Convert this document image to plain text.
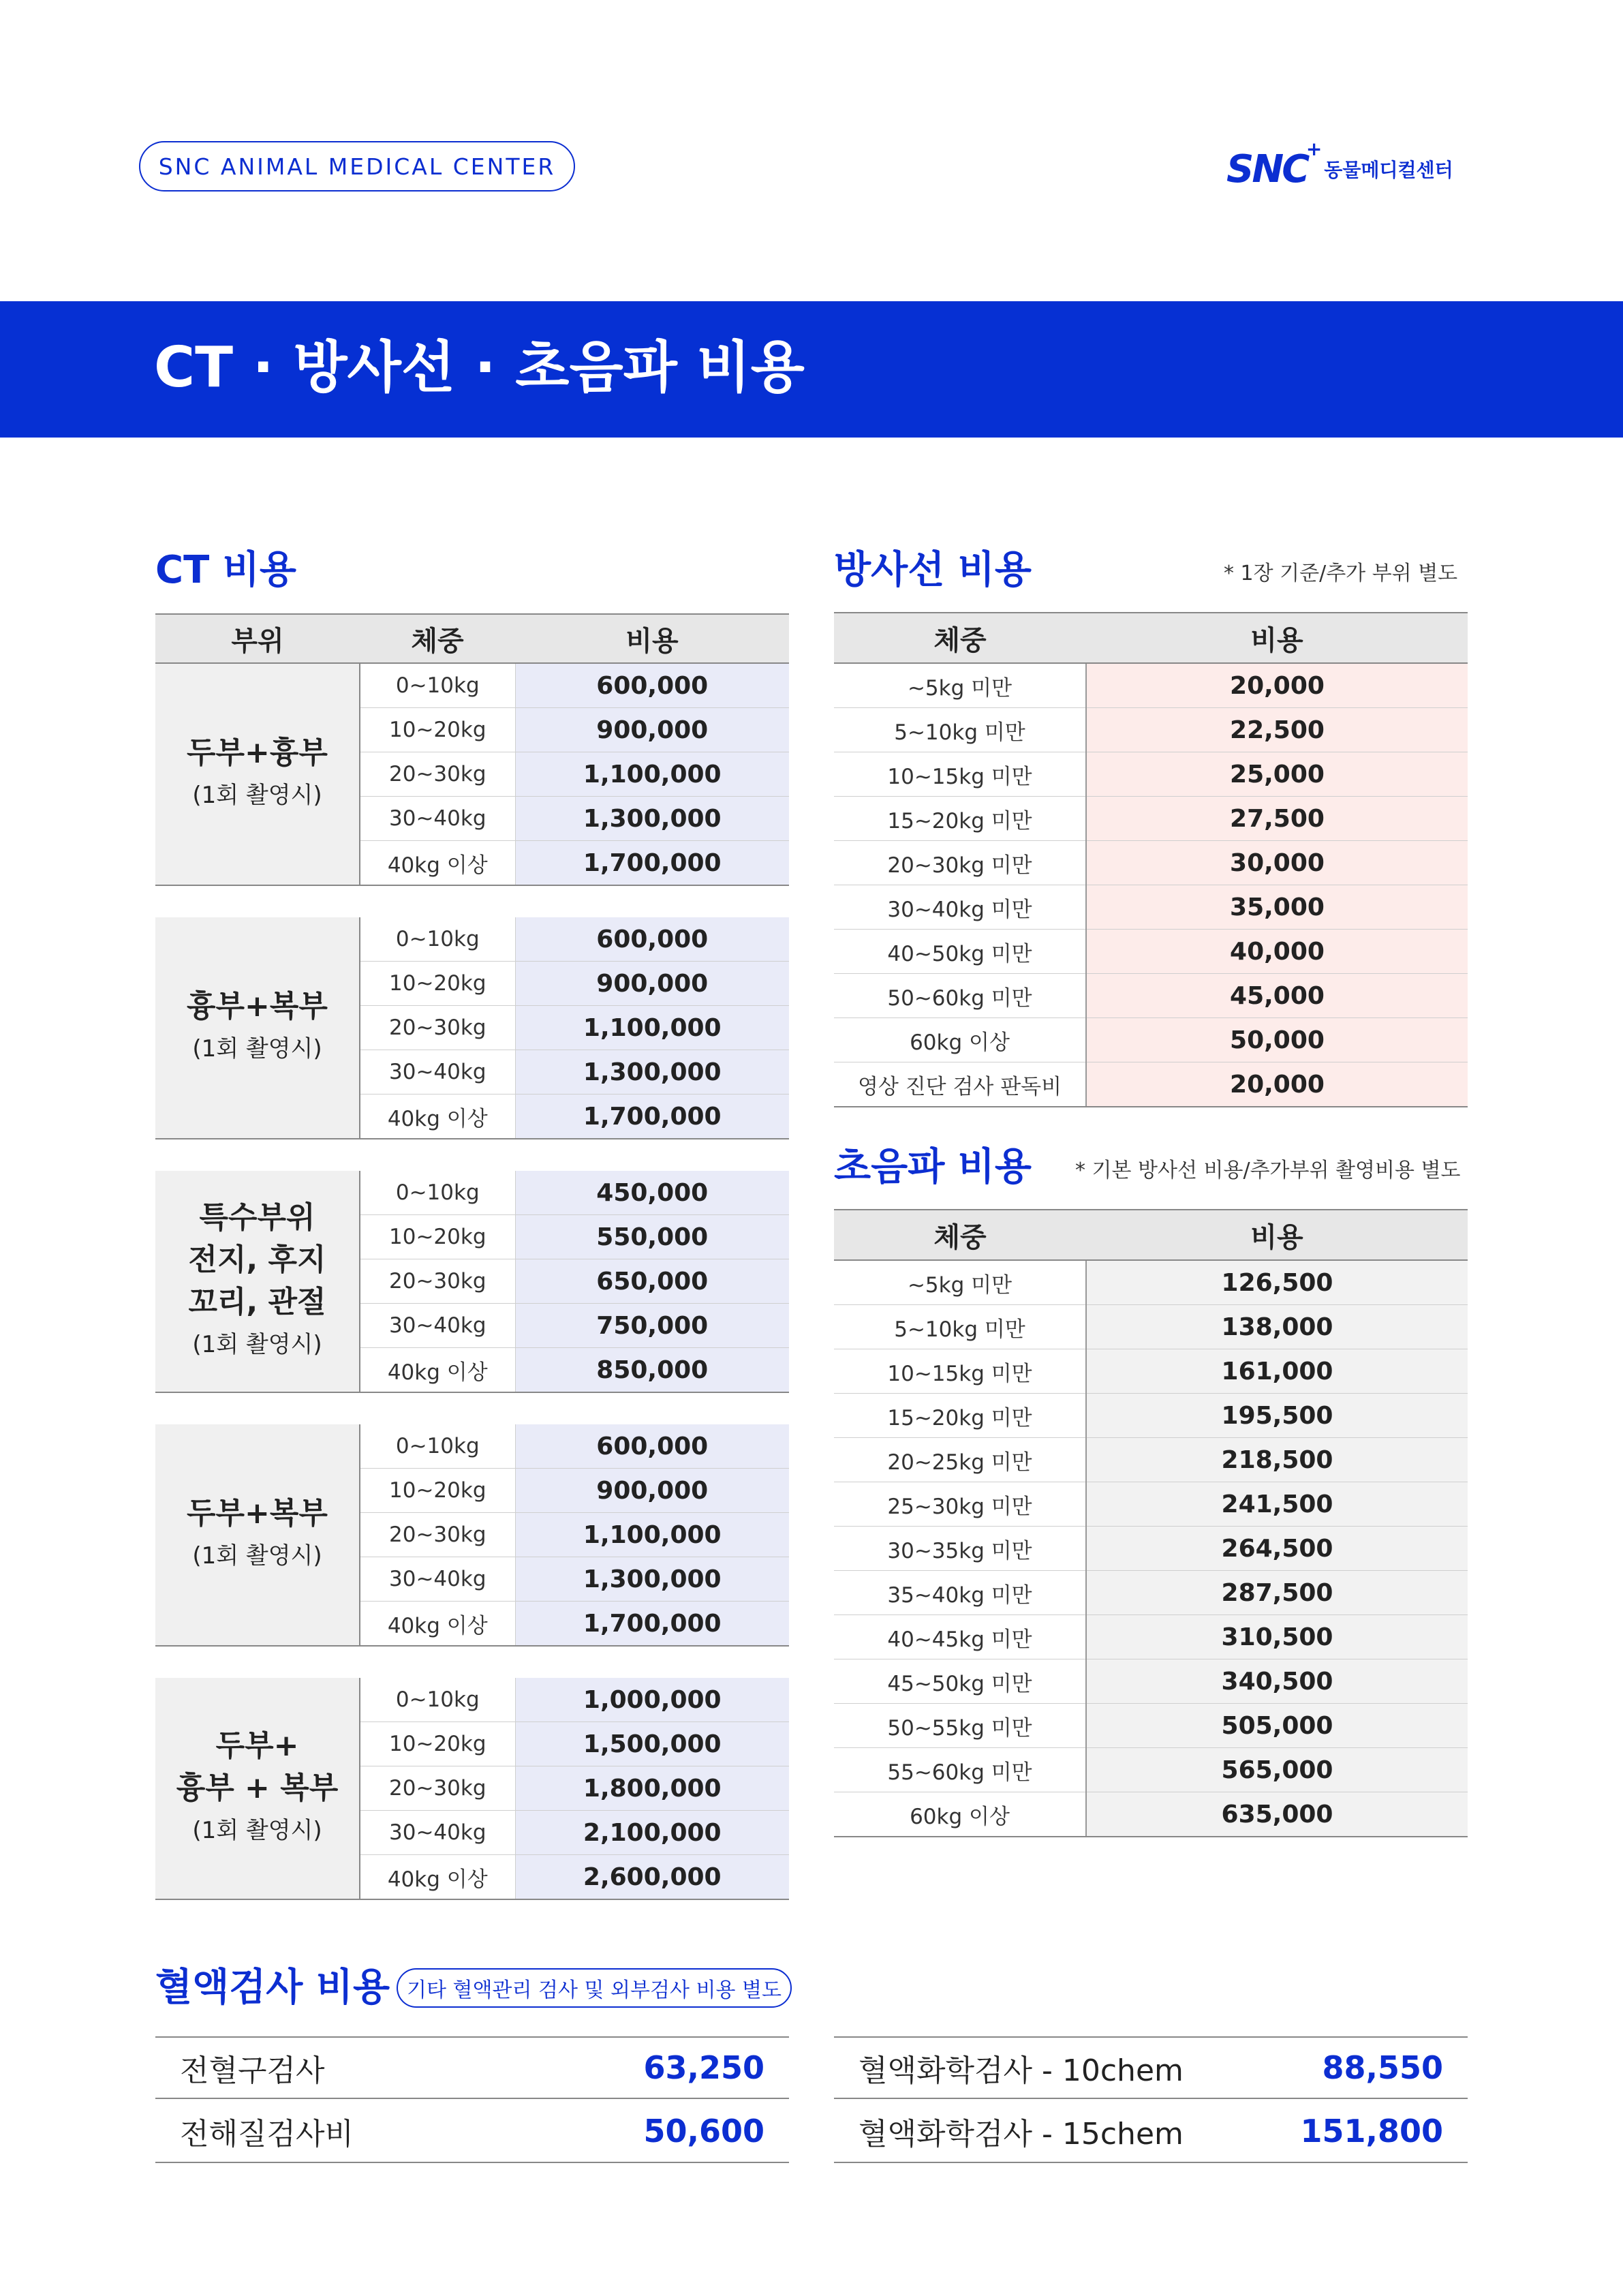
SNC ANIMAL MEDICAL CENTER	SNC
+
동물메디컬센터
CT · 방사선 · 초음파 비용
CT 비용
부위	체중	비용

두부+흉부
(1회 촬영시)	0~10kg	600,000
	10~20kg	900,000
	20~30kg	1,100,000
	30~40kg	1,300,000
	40kg 이상	1,700,000

흉부+복부
(1회 촬영시)	0~10kg	600,000
	10~20kg	900,000
	20~30kg	1,100,000
	30~40kg	1,300,000
	40kg 이상	1,700,000

특수부위
전지, 후지
꼬리, 관절
(1회 촬영시)	0~10kg	450,000
	10~20kg	550,000
	20~30kg	650,000
	30~40kg	750,000
	40kg 이상	850,000

두부+복부
(1회 촬영시)	0~10kg	600,000
	10~20kg	900,000
	20~30kg	1,100,000
	30~40kg	1,300,000
	40kg 이상	1,700,000

두부+
흉부 + 복부
(1회 촬영시)	0~10kg	1,000,000
	10~20kg	1,500,000
	20~30kg	1,800,000
	30~40kg	2,100,000
	40kg 이상	2,600,000
방사선 비용	* 1장 기준/추가 부위 별도
체중	비용
~5kg 미만	20,000
5~10kg 미만	22,500
10~15kg 미만	25,000
15~20kg 미만	27,500
20~30kg 미만	30,000
30~40kg 미만	35,000
40~50kg 미만	40,000
50~60kg 미만	45,000
60kg 이상	50,000
영상 진단 검사 판독비	20,000
초음파 비용 * 기본 방사선 비용/추가부위 촬영비용 별도
체중	비용
~5kg 미만	126,500
5~10kg 미만	138,000
10~15kg 미만	161,000
15~20kg 미만	195,500
20~25kg 미만	218,500
25~30kg 미만	241,500
30~35kg 미만	264,500
35~40kg 미만	287,500
40~45kg 미만	310,500
45~50kg 미만	340,500
50~55kg 미만	505,000
55~60kg 미만	565,000
60kg 이상	635,000
혈액검사 비용 기타 혈액관리 검사 및 외부검사 비용 별도
전혈구검사	63,250
전해질검사비	50,600
혈액화학검사 - 10chem	88,550
혈액화학검사 - 15chem	151,800
